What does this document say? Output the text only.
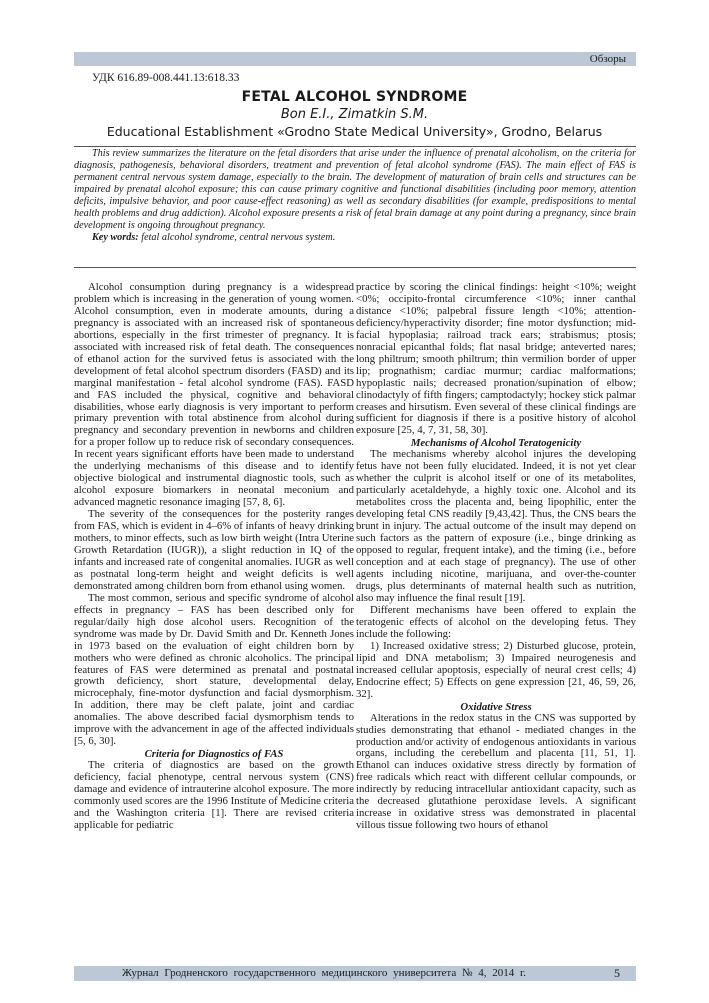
Обзоры
УДК 616.89-008.441.13:618.33
FETAL ALCOHOL SYNDROME
Bon E.I., Zimatkin S.M.
Educational Establishment «Grodno State Medical University», Grodno, Belarus

This review summarizes the literature on the fetal disorders that arise under the influence of prenatal alcoholism, on the criteria for diagnosis, pathogenesis, behavioral disorders, treatment and prevention of fetal alcohol syndrome (FAS). The main effect of FAS is permanent central nervous system damage, especially to the brain. The development of maturation of brain cells and structures can be impaired by prenatal alcohol exposure; this can cause primary cognitive and functional disabilities (including poor memory, attention deficits, impulsive behavior, and poor cause-effect reasoning) as well as secondary disabilities (for example, predispositions to mental health problems and drug addiction). Alcohol exposure presents a risk of fetal brain damage at any point during a pregnancy, since brain development is ongoing throughout pregnancy.

Key words: fetal alcohol syndrome, central nervous system.

Alcohol consumption during pregnancy is a widespread problem which is increasing in the generation of young women. Alcohol consumption, even in moderate amounts, during a pregnancy is associated with an increased risk of spontaneous abortions, especially in the first trimester of pregnancy. It is associated with increased risk of fetal death. The consequences of ethanol action for the survived fetus is associated with the development of fetal alcohol spectrum disorders (FASD) and its marginal manifestation - fetal alcohol syndrome (FAS). FASD and FAS included the physical, cognitive and behavioral disabilities, whose early diagnosis is very important to perform primary prevention with total abstinence from alcohol during pregnancy and secondary prevention in newborns and children for a proper follow up to reduce risk of secondary consequences. In recent years significant efforts have been made to understand the underlying mechanisms of this disease and to identify objective biological and instrumental diagnostic tools, such as alcohol exposure biomarkers in neonatal meconium and advanced magnetic resonance imaging [57, 8, 6].

The severity of the consequences for the posterity ranges from FAS, which is evident in 4–6% of infants of heavy drinking mothers, to minor effects, such as low birth weight (Intra Uterine Growth Retardation (IUGR)), a slight reduction in IQ of the infants and increased rate of congenital anomalies. IUGR as well as postnatal long-term height and weight deficits is well demonstrated among children born from ethanol using women.

The most common, serious and specific syndrome of alcohol effects in pregnancy – FAS has been described only for regular/daily high dose alcohol users. Recognition of the syndrome was made by Dr. David Smith and Dr. Kenneth Jones in 1973 based on the evaluation of eight children born by mothers who were defined as chronic alcoholics. The principal features of FAS were determined as prenatal and postnatal growth deficiency, short stature, developmental delay, microcephaly, fine-motor dysfunction and facial dysmorphism. In addition, there may be cleft palate, joint and cardiac anomalies. The above described facial dysmorphism tends to improve with the advancement in age of the affected individuals [5, 6, 30].

Criteria for Diagnostics of FAS

The criteria of diagnostics are based on the growth deficiency, facial phenotype, central nervous system (CNS) damage and evidence of intrauterine alcohol exposure. The more commonly used scores are the 1996 Institute of Medicine criteria and the Washington criteria [1]. There are revised criteria applicable for pediatric

practice by scoring the clinical findings: height <10%; weight <0%; occipito-frontal circumference <10%; inner canthal distance <10%; palpebral fissure length <10%; attention-deficiency/hyperactivity disorder; fine motor dysfunction; mid-facial hypoplasia; railroad track ears; strabismus; ptosis; nonracial epicanthal folds; flat nasal bridge; anteverted nares; long philtrum; smooth philtrum; thin vermilion border of upper lip; prognathism; cardiac murmur; cardiac malformations; hypoplastic nails; decreased pronation/supination of elbow; clinodactyly of fifth fingers; camptodactyly; hockey stick palmar creases and hirsutism. Even several of these clinical findings are sufficient for diagnosis if there is a positive history of alcohol exposure [25, 4, 7, 31, 58, 30].

Mechanisms of Alcohol Teratogenicity

The mechanisms whereby alcohol injures the developing fetus have not been fully elucidated. Indeed, it is not yet clear whether the culprit is alcohol itself or one of its metabolites, particularly acetaldehyde, a highly toxic one. Alcohol and its metabolites cross the placenta and, being lipophilic, enter the developing fetal CNS readily [9,43,42]. Thus, the CNS bears the brunt in injury. The actual outcome of the insult may depend on such factors as the pattern of exposure (i.e., binge drinking as opposed to regular, frequent intake), and the timing (i.e., before conception and at each stage of pregnancy). The use of other agents including nicotine, marijuana, and over-the-counter drugs, plus determinants of maternal health such as nutrition, also may influence the final result [19].

Different mechanisms have been offered to explain the teratogenic effects of alcohol on the developing fetus. They include the following:

1) Increased oxidative stress; 2) Disturbed glucose, protein, lipid and DNA metabolism; 3) Impaired neurogenesis and increased cellular apoptosis, especially of neural crest cells; 4) Endocrine effect; 5) Effects on gene expression [21, 46, 59, 26, 32].

Oxidative Stress

Alterations in the redox status in the CNS was supported by studies demonstrating that ethanol - mediated changes in the production and/or activity of endogenous antioxidants in various organs, including the cerebellum and placenta [11, 51, 1]. Ethanol can induces oxidative stress directly by formation of free radicals which react with different cellular compounds, or indirectly by reducing intracellular antioxidant capacity, such as the decreased glutathione peroxidase levels. A significant increase in oxidative stress was demonstrated in placental villous tissue following two hours of ethanol

Журнал Гродненского государственного медицинского университета № 4, 2014 г.	5
